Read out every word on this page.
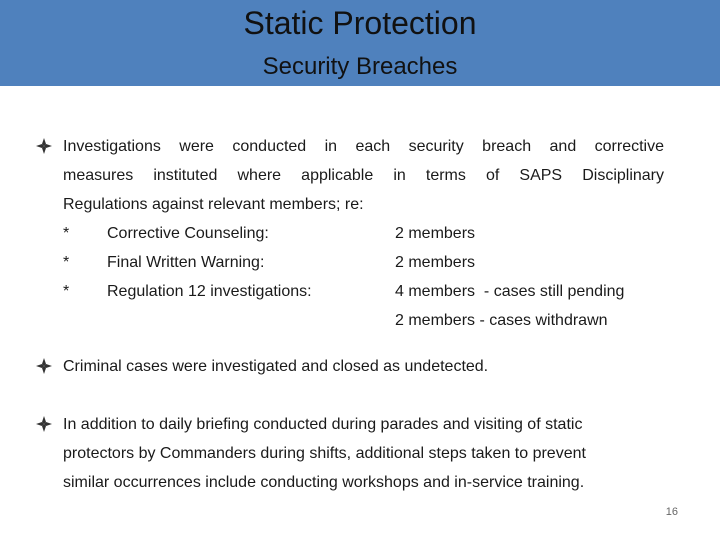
Static Protection
Security Breaches
Investigations were conducted in each security breach and corrective
measures instituted where applicable in terms of SAPS Disciplinary
Regulations against relevant members; re:
* Corrective Counseling:	2 members
* Final Written Warning:	2 members
* Regulation 12 investigations:	4 members  - cases still pending
2 members - cases withdrawn
Criminal cases were investigated and closed as undetected.
In addition to daily briefing conducted during parades and visiting of static
protectors by Commanders during shifts, additional steps taken to prevent
similar occurrences include conducting workshops and in-service training.
16
